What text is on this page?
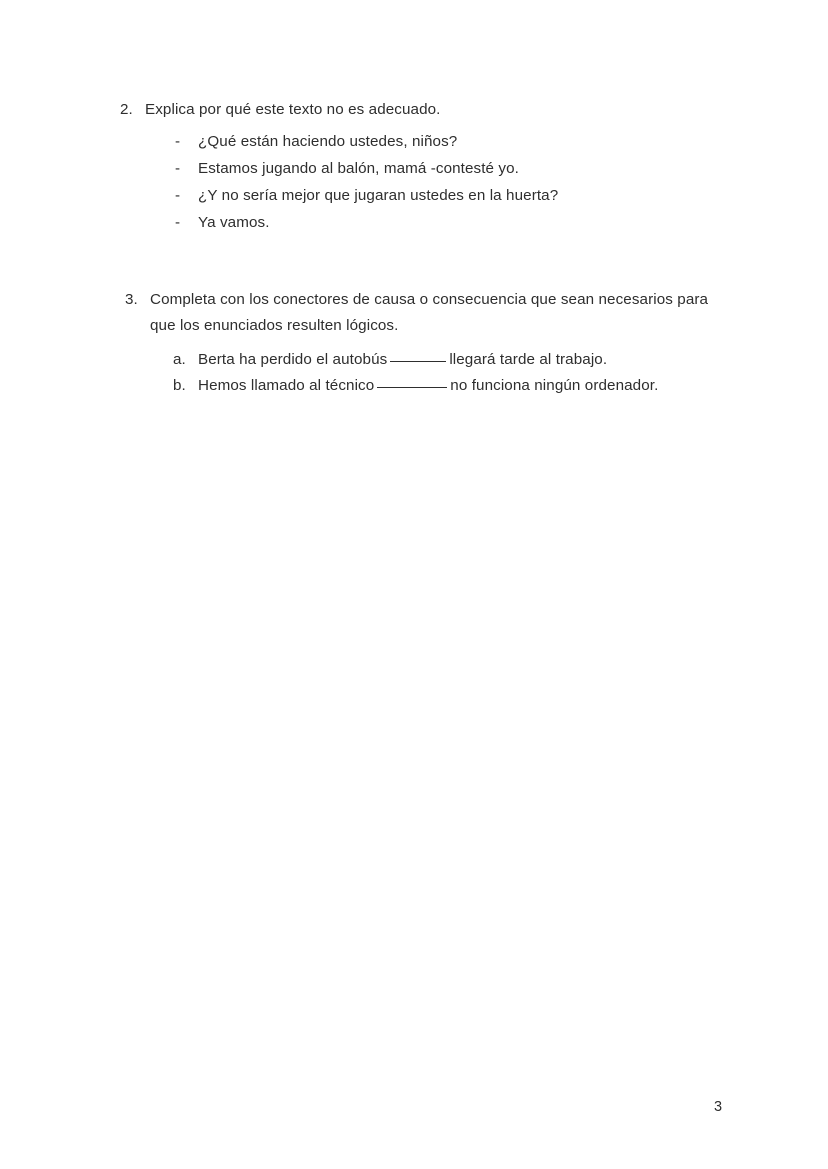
2. Explica por qué este texto no es adecuado.
-	¿Qué están haciendo ustedes, niños?
-	Estamos jugando al balón, mamá -contesté yo.
-	¿Y no sería mejor que jugaran ustedes en la huerta?
-	Ya vamos.
3. Completa con los conectores de causa o consecuencia que sean necesarios para que los enunciados resulten lógicos.
a. Berta ha perdido el autobús	llegará tarde al trabajo.
b. Hemos llamado al técnico	no funciona ningún ordenador.
3
